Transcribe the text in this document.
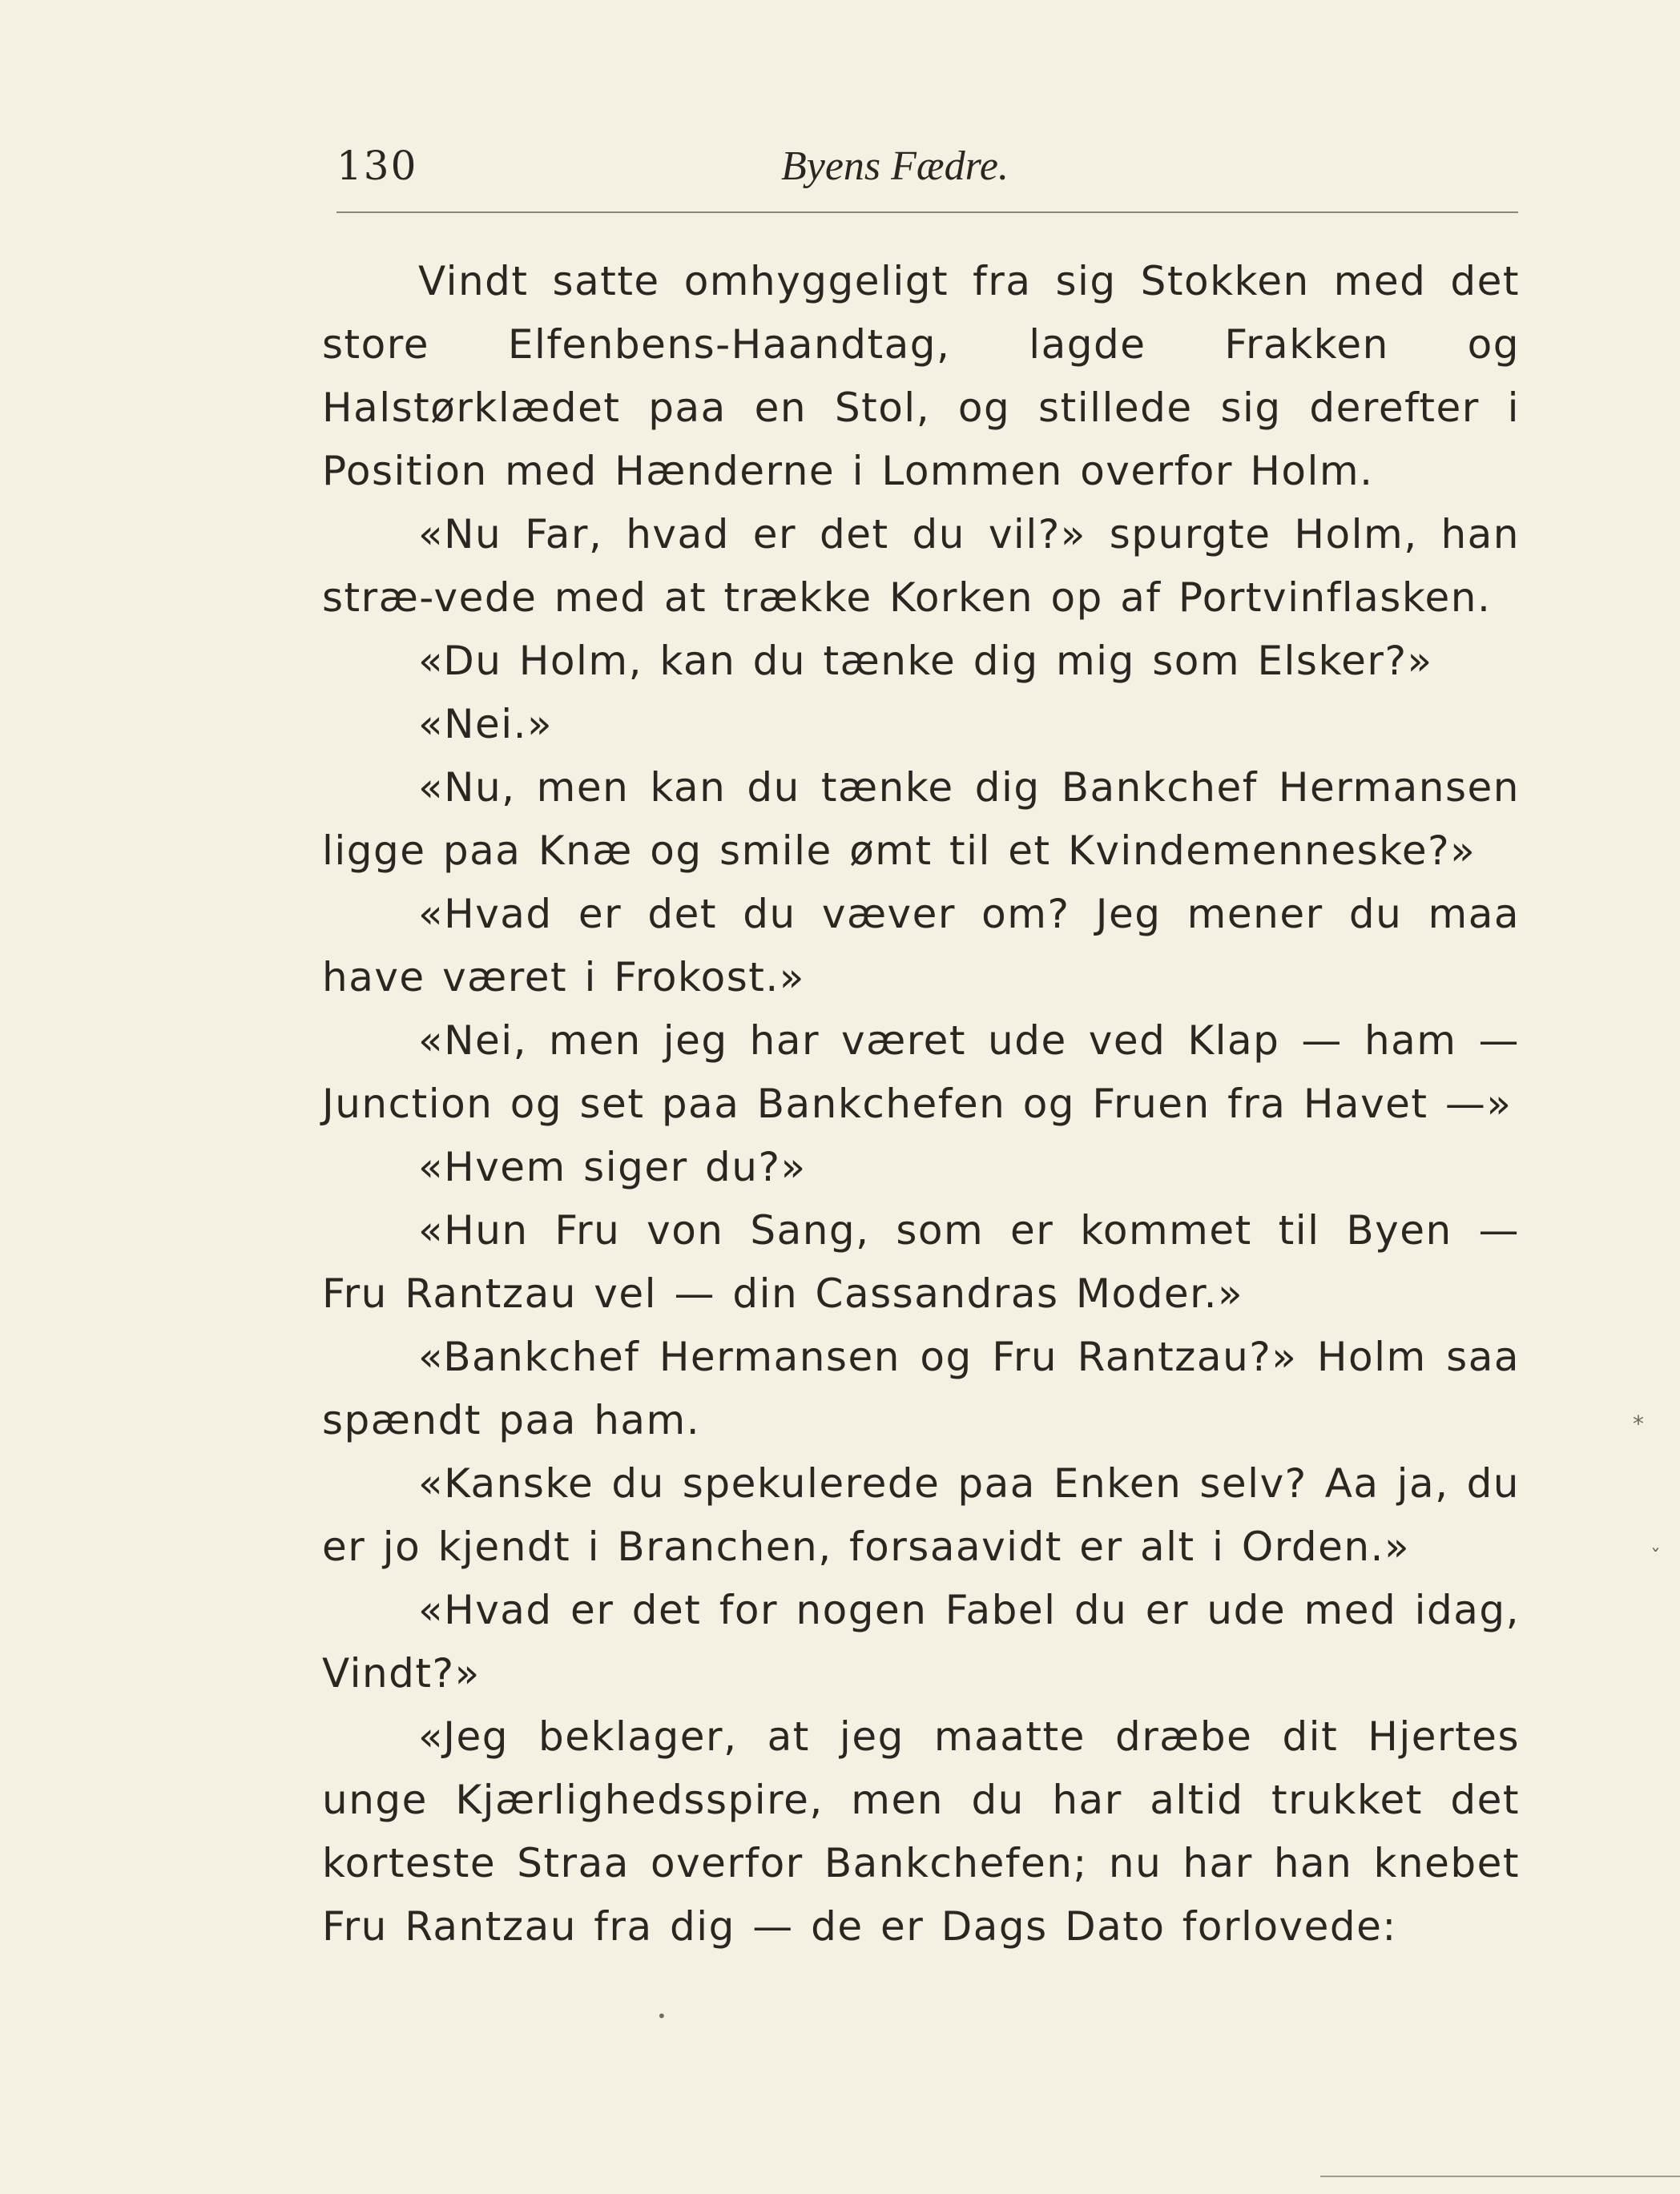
130	Byens Fædre.

Vindt satte omhyggeligt fra sig Stokken med det store Elfenbens-Haandtag, lagde Frakken og Halstørklædet paa en Stol, og stillede sig derefter i Position med Hænderne i Lommen overfor Holm.

«Nu Far, hvad er det du vil?» spurgte Holm, han stræ-vede med at trække Korken op af Portvinflasken.

«Du Holm, kan du tænke dig mig som Elsker?»

«Nei.»

«Nu, men kan du tænke dig Bankchef Hermansen ligge paa Knæ og smile ømt til et Kvindemenneske?»

«Hvad er det du væver om? Jeg mener du maa have været i Frokost.»

«Nei, men jeg har været ude ved Klap — ham — Junction og set paa Bankchefen og Fruen fra Havet —»

«Hvem siger du?»

«Hun Fru von Sang, som er kommet til Byen — Fru Rantzau vel — din Cassandras Moder.»

«Bankchef Hermansen og Fru Rantzau?» Holm saa spændt paa ham.

«Kanske du spekulerede paa Enken selv? Aa ja, du er jo kjendt i Branchen, forsaavidt er alt i Orden.»

«Hvad er det for nogen Fabel du er ude med idag, Vindt?»

«Jeg beklager, at jeg maatte dræbe dit Hjertes unge Kjærlighedsspire, men du har altid trukket det korteste Straa overfor Bankchefen; nu har han knebet Fru Rantzau fra dig — de er Dags Dato forlovede:

⁎
ˇ
•
